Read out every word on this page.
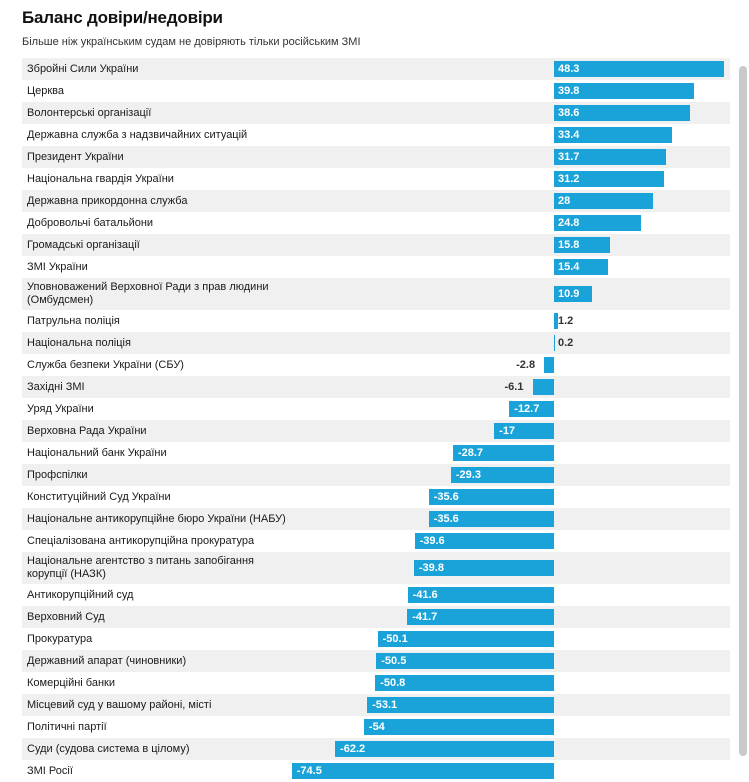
Баланс довіри/недовіри
Більше ніж українським судам не довіряють тільки російським ЗМІ
Збройні Сили України	48.3
Церква	39.8
Волонтерські організації	38.6
Державна служба з надзвичайних ситуацій	33.4
Президент України	31.7
Національна гвардія України	31.2
Державна прикордонна служба	28
Добровольчі батальйони	24.8
Громадські організації	15.8
ЗМІ України	15.4
Уповноважений Верховної Ради з прав людини (Омбудсмен)	10.9
Патрульна поліція	1.2
Національна поліція	0.2
Служба безпеки України (СБУ)	-2.8
Західні ЗМІ	-6.1
Уряд України	-12.7
Верховна Рада України	-17
Національний банк України	-28.7
Профспілки	-29.3
Конституційний Суд України	-35.6
Національне антикорупційне бюро України (НАБУ)	-35.6
Спеціалізована антикорупційна прокуратура	-39.6
Національне агентство з питань запобігання корупції (НАЗК)	-39.8
Антикорупційний суд	-41.6
Верховний Суд	-41.7
Прокуратура	-50.1
Державний апарат (чиновники)	-50.5
Комерційні банки	-50.8
Місцевий суд у вашому районі, місті	-53.1
Політичні партії	-54
Суди (судова система в цілому)	-62.2
ЗМІ Росії	-74.5
